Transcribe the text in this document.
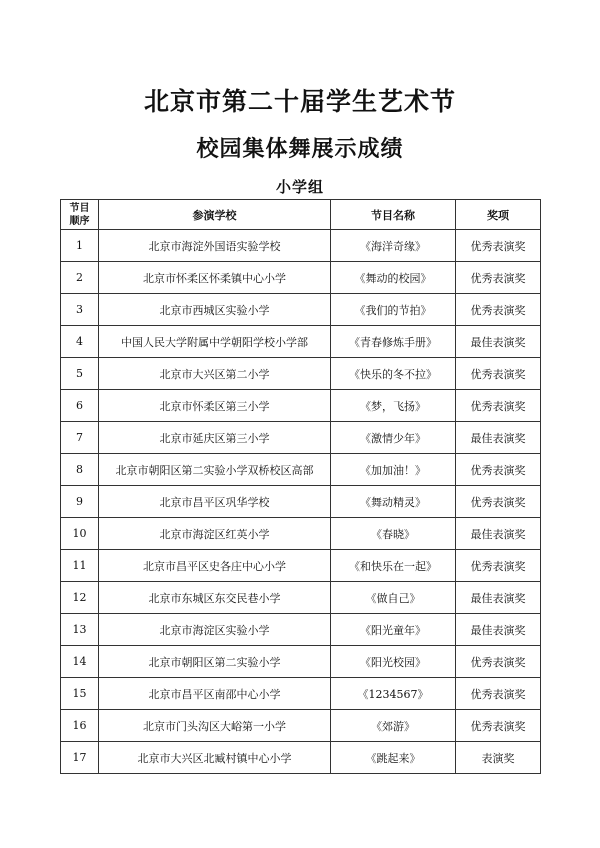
北京市第二十届学生艺术节
校园集体舞展示成绩
小学组
节目
顺序	参演学校	节目名称	奖项
1	北京市海淀外国语实验学校	《海洋奇缘》	优秀表演奖
2	北京市怀柔区怀柔镇中心小学	《舞动的校园》	优秀表演奖
3	北京市西城区实验小学	《我们的节拍》	优秀表演奖
4	中国人民大学附属中学朝阳学校小学部	《青春修炼手册》	最佳表演奖
5	北京市大兴区第二小学	《快乐的冬不拉》	优秀表演奖
6	北京市怀柔区第三小学	《梦，飞扬》	优秀表演奖
7	北京市延庆区第三小学	《激情少年》	最佳表演奖
8	北京市朝阳区第二实验小学双桥校区高部	《加加油！》	优秀表演奖
9	北京市昌平区巩华学校	《舞动精灵》	优秀表演奖
10	北京市海淀区红英小学	《春晓》	最佳表演奖
11	北京市昌平区史各庄中心小学	《和快乐在一起》	优秀表演奖
12	北京市东城区东交民巷小学	《做自己》	最佳表演奖
13	北京市海淀区实验小学	《阳光童年》	最佳表演奖
14	北京市朝阳区第二实验小学	《阳光校园》	优秀表演奖
15	北京市昌平区南邵中心小学	《1234567》	优秀表演奖
16	北京市门头沟区大峪第一小学	《郊游》	优秀表演奖
17	北京市大兴区北臧村镇中心小学	《跳起来》	表演奖
